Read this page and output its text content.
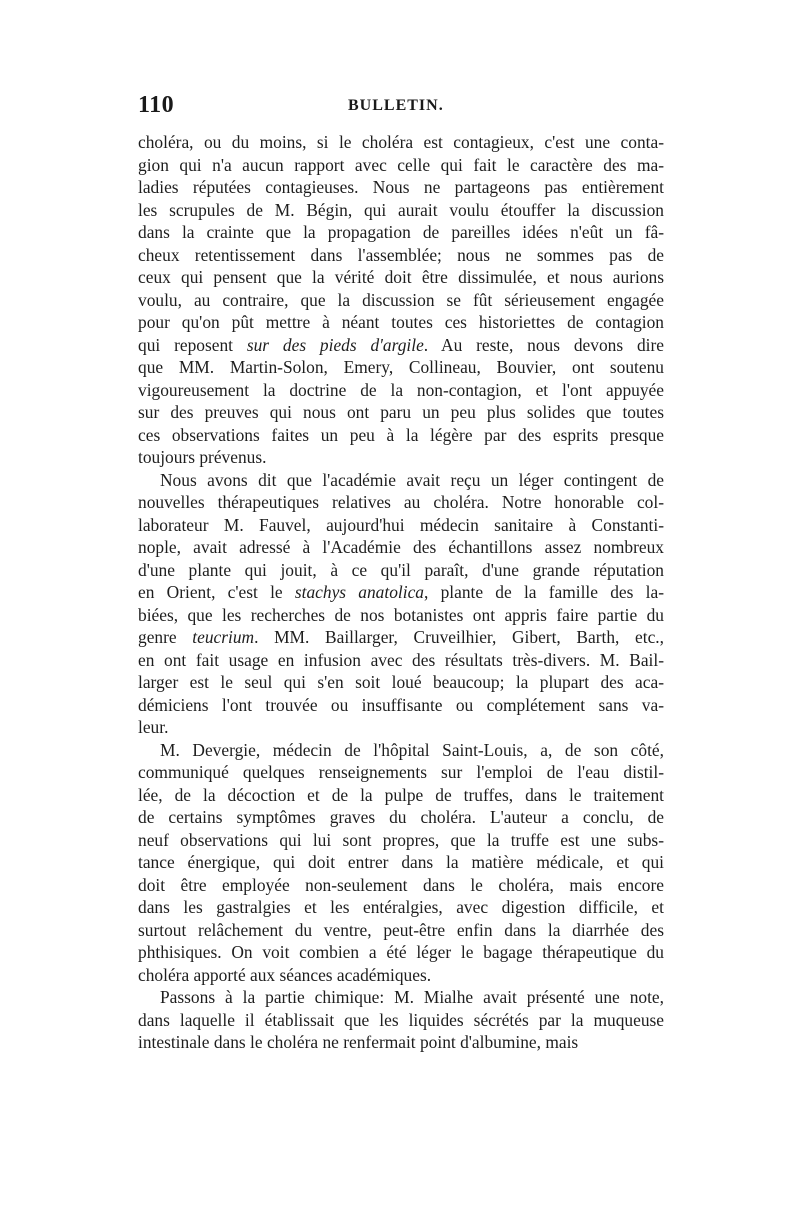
110	BULLETIN.
choléra, ou du moins, si le choléra est contagieux, c'est une conta-
gion qui n'a aucun rapport avec celle qui fait le caractère des ma-
ladies réputées contagieuses. Nous ne partageons pas entièrement
les scrupules de M. Bégin, qui aurait voulu étouffer la discussion
dans la crainte que la propagation de pareilles idées n'eût un fâ-
cheux retentissement dans l'assemblée; nous ne sommes pas de
ceux qui pensent que la vérité doit être dissimulée, et nous aurions
voulu, au contraire, que la discussion se fût sérieusement engagée
pour qu'on pût mettre à néant toutes ces historiettes de contagion
qui reposent sur des pieds d'argile. Au reste, nous devons dire
que MM. Martin-Solon, Emery, Collineau, Bouvier, ont soutenu
vigoureusement la doctrine de la non-contagion, et l'ont appuyée
sur des preuves qui nous ont paru un peu plus solides que toutes
ces observations faites un peu à la légère par des esprits presque
toujours prévenus.
Nous avons dit que l'académie avait reçu un léger contingent de
nouvelles thérapeutiques relatives au choléra. Notre honorable col-
laborateur M. Fauvel, aujourd'hui médecin sanitaire à Constanti-
nople, avait adressé à l'Académie des échantillons assez nombreux
d'une plante qui jouit, à ce qu'il paraît, d'une grande réputation
en Orient, c'est le stachys anatolica, plante de la famille des la-
biées, que les recherches de nos botanistes ont appris faire partie du
genre teucrium. MM. Baillarger, Cruveilhier, Gibert, Barth, etc.,
en ont fait usage en infusion avec des résultats très-divers. M. Bail-
larger est le seul qui s'en soit loué beaucoup; la plupart des aca-
démiciens l'ont trouvée ou insuffisante ou complétement sans va-
leur.
M. Devergie, médecin de l'hôpital Saint-Louis, a, de son côté,
communiqué quelques renseignements sur l'emploi de l'eau distil-
lée, de la décoction et de la pulpe de truffes, dans le traitement
de certains symptômes graves du choléra. L'auteur a conclu, de
neuf observations qui lui sont propres, que la truffe est une subs-
tance énergique, qui doit entrer dans la matière médicale, et qui
doit être employée non-seulement dans le choléra, mais encore
dans les gastralgies et les entéralgies, avec digestion difficile, et
surtout relâchement du ventre, peut-être enfin dans la diarrhée des
phthisiques. On voit combien a été léger le bagage thérapeutique du
choléra apporté aux séances académiques.
Passons à la partie chimique: M. Mialhe avait présenté une note,
dans laquelle il établissait que les liquides sécrétés par la muqueuse
intestinale dans le choléra ne renfermait point d'albumine, mais
